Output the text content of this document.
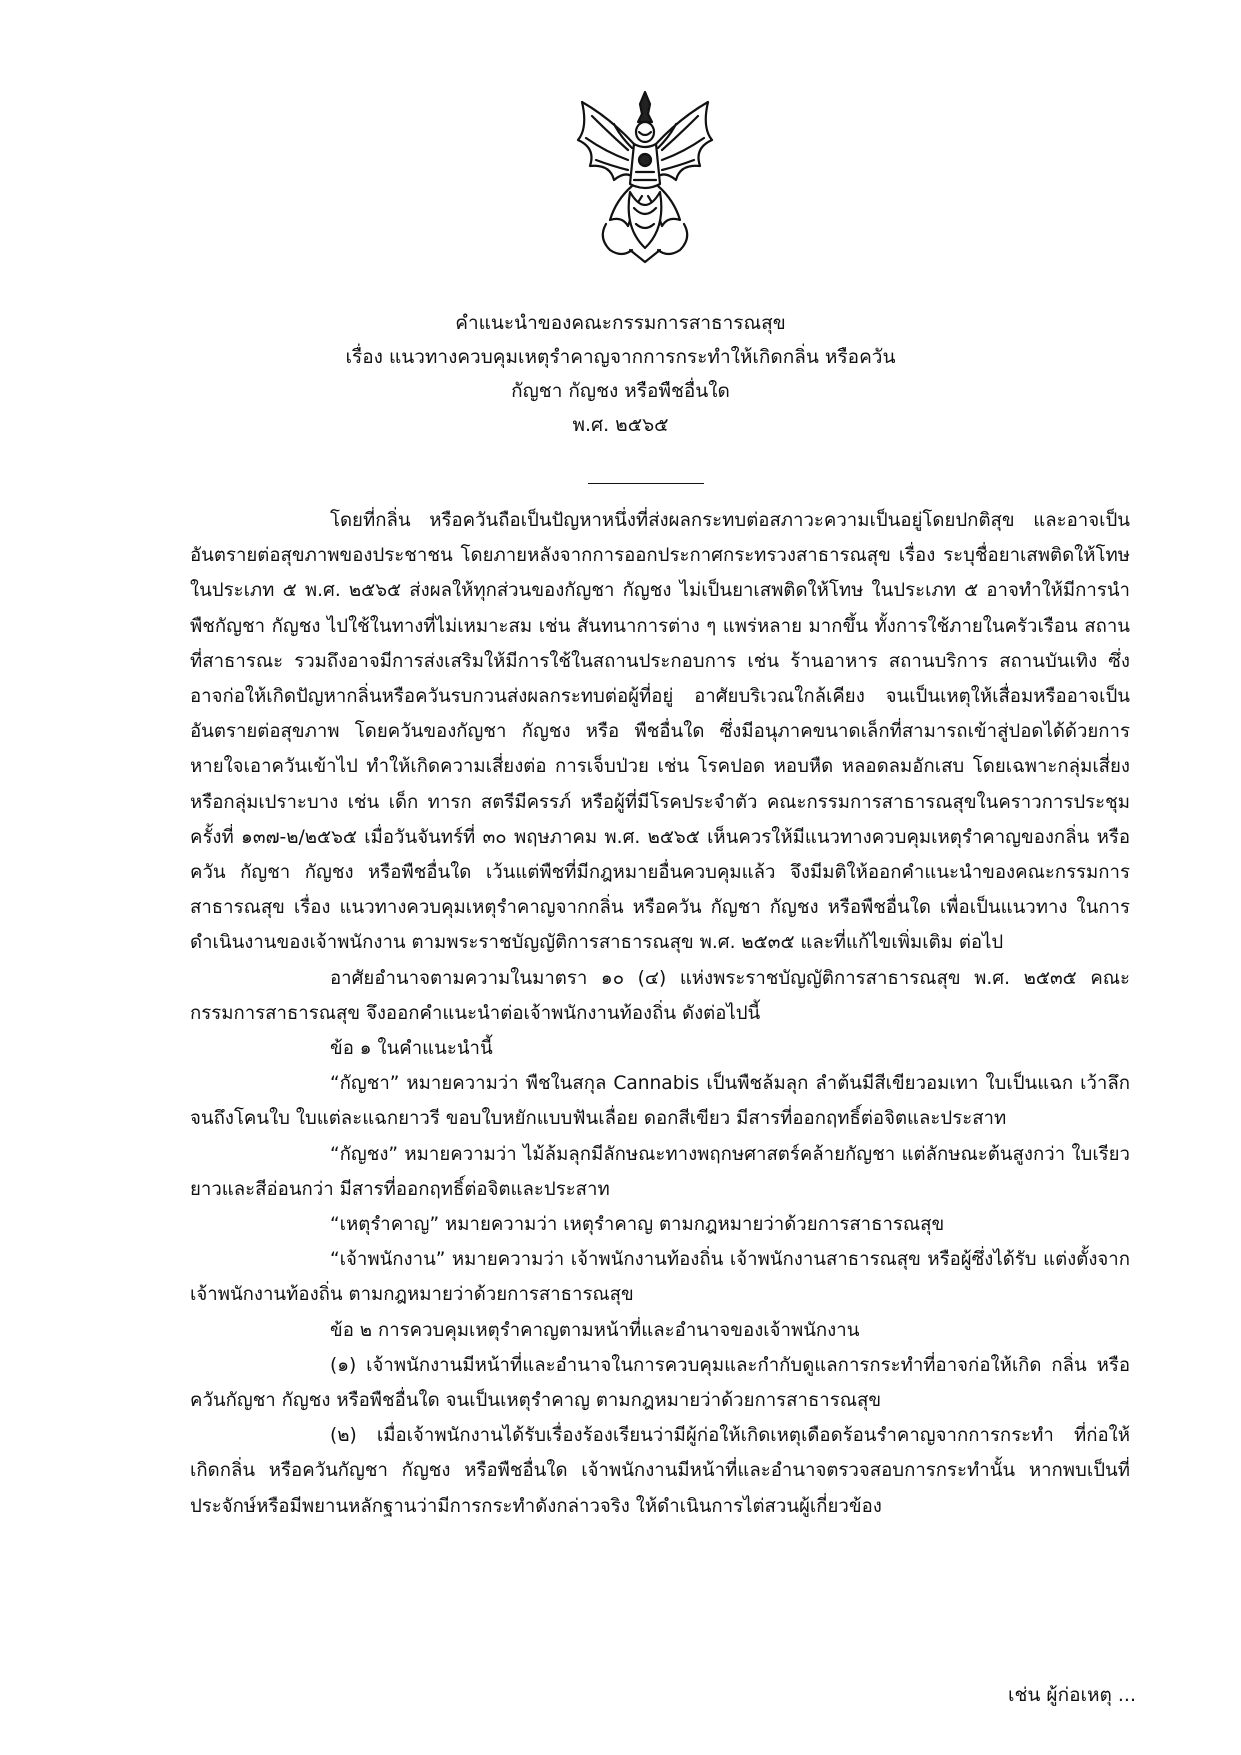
คำแนะนำของคณะกรรมการสาธารณสุข
เรื่อง แนวทางควบคุมเหตุรำคาญจากการกระทำให้เกิดกลิ่น หรือควัน
กัญชา กัญชง หรือพืชอื่นใด
พ.ศ. ๒๕๖๕
โดยที่กลิ่น หรือควันถือเป็นปัญหาหนึ่งที่ส่งผลกระทบต่อสภาวะความเป็นอยู่โดยปกติสุข และอาจเป็นอันตรายต่อสุขภาพของประชาชน โดยภายหลังจากการออกประกาศกระทรวงสาธารณสุข เรื่อง ระบุชื่อยาเสพติดให้โทษในประเภท ๕ พ.ศ. ๒๕๖๕ ส่งผลให้ทุกส่วนของกัญชา กัญชง ไม่เป็นยาเสพติดให้โทษ ในประเภท ๕ อาจทำให้มีการนำพืชกัญชา กัญชง ไปใช้ในทางที่ไม่เหมาะสม เช่น สันทนาการต่าง ๆ แพร่หลาย มากขึ้น ทั้งการใช้ภายในครัวเรือน สถานที่สาธารณะ รวมถึงอาจมีการส่งเสริมให้มีการใช้ในสถานประกอบการ เช่น ร้านอาหาร สถานบริการ สถานบันเทิง ซึ่งอาจก่อให้เกิดปัญหากลิ่นหรือควันรบกวนส่งผลกระทบต่อผู้ที่อยู่ อาศัยบริเวณใกล้เคียง จนเป็นเหตุให้เสื่อมหรืออาจเป็นอันตรายต่อสุขภาพ โดยควันของกัญชา กัญชง หรือ พืชอื่นใด ซึ่งมีอนุภาคขนาดเล็กที่สามารถเข้าสู่ปอดได้ด้วยการหายใจเอาควันเข้าไป ทำให้เกิดความเสี่ยงต่อ การเจ็บป่วย เช่น โรคปอด หอบหืด หลอดลมอักเสบ โดยเฉพาะกลุ่มเสี่ยงหรือกลุ่มเปราะบาง เช่น เด็ก ทารก สตรีมีครรภ์ หรือผู้ที่มีโรคประจำตัว คณะกรรมการสาธารณสุขในคราวการประชุมครั้งที่ ๑๓๗-๒/๒๕๖๕ เมื่อวันจันทร์ที่ ๓๐ พฤษภาคม พ.ศ. ๒๕๖๕ เห็นควรให้มีแนวทางควบคุมเหตุรำคาญของกลิ่น หรือควัน กัญชา กัญชง หรือพืชอื่นใด เว้นแต่พืชที่มีกฎหมายอื่นควบคุมแล้ว จึงมีมติให้ออกคำแนะนำของคณะกรรมการ สาธารณสุข เรื่อง แนวทางควบคุมเหตุรำคาญจากกลิ่น หรือควัน กัญชา กัญชง หรือพืชอื่นใด เพื่อเป็นแนวทาง ในการดำเนินงานของเจ้าพนักงาน ตามพระราชบัญญัติการสาธารณสุข พ.ศ. ๒๕๓๕ และที่แก้ไขเพิ่มเติม ต่อไป
อาศัยอำนาจตามความในมาตรา ๑๐ (๔) แห่งพระราชบัญญัติการสาธารณสุข พ.ศ. ๒๕๓๕ คณะกรรมการสาธารณสุข จึงออกคำแนะนำต่อเจ้าพนักงานท้องถิ่น ดังต่อไปนี้
ข้อ ๑ ในคำแนะนำนี้
“กัญชา” หมายความว่า พืชในสกุล Cannabis เป็นพืชล้มลุก ลำต้นมีสีเขียวอมเทา ใบเป็นแฉก เว้าลึกจนถึงโคนใบ ใบแต่ละแฉกยาวรี ขอบใบหยักแบบฟันเลื่อย ดอกสีเขียว มีสารที่ออกฤทธิ์ต่อจิตและประสาท
“กัญชง” หมายความว่า ไม้ล้มลุกมีลักษณะทางพฤกษศาสตร์คล้ายกัญชา แต่ลักษณะต้นสูงกว่า ใบเรียวยาวและสีอ่อนกว่า มีสารที่ออกฤทธิ์ต่อจิตและประสาท
“เหตุรำคาญ” หมายความว่า เหตุรำคาญ ตามกฎหมายว่าด้วยการสาธารณสุข
“เจ้าพนักงาน” หมายความว่า เจ้าพนักงานท้องถิ่น เจ้าพนักงานสาธารณสุข หรือผู้ซึ่งได้รับ แต่งตั้งจากเจ้าพนักงานท้องถิ่น ตามกฎหมายว่าด้วยการสาธารณสุข
ข้อ ๒ การควบคุมเหตุรำคาญตามหน้าที่และอำนาจของเจ้าพนักงาน
(๑) เจ้าพนักงานมีหน้าที่และอำนาจในการควบคุมและกำกับดูแลการกระทำที่อาจก่อให้เกิด กลิ่น หรือควันกัญชา กัญชง หรือพืชอื่นใด จนเป็นเหตุรำคาญ ตามกฎหมายว่าด้วยการสาธารณสุข
(๒) เมื่อเจ้าพนักงานได้รับเรื่องร้องเรียนว่ามีผู้ก่อให้เกิดเหตุเดือดร้อนรำคาญจากการกระทำ ที่ก่อให้เกิดกลิ่น หรือควันกัญชา กัญชง หรือพืชอื่นใด เจ้าพนักงานมีหน้าที่และอำนาจตรวจสอบการกระทำนั้น หากพบเป็นที่ประจักษ์หรือมีพยานหลักฐานว่ามีการกระทำดังกล่าวจริง ให้ดำเนินการไต่สวนผู้เกี่ยวข้อง
เช่น ผู้ก่อเหตุ ...
